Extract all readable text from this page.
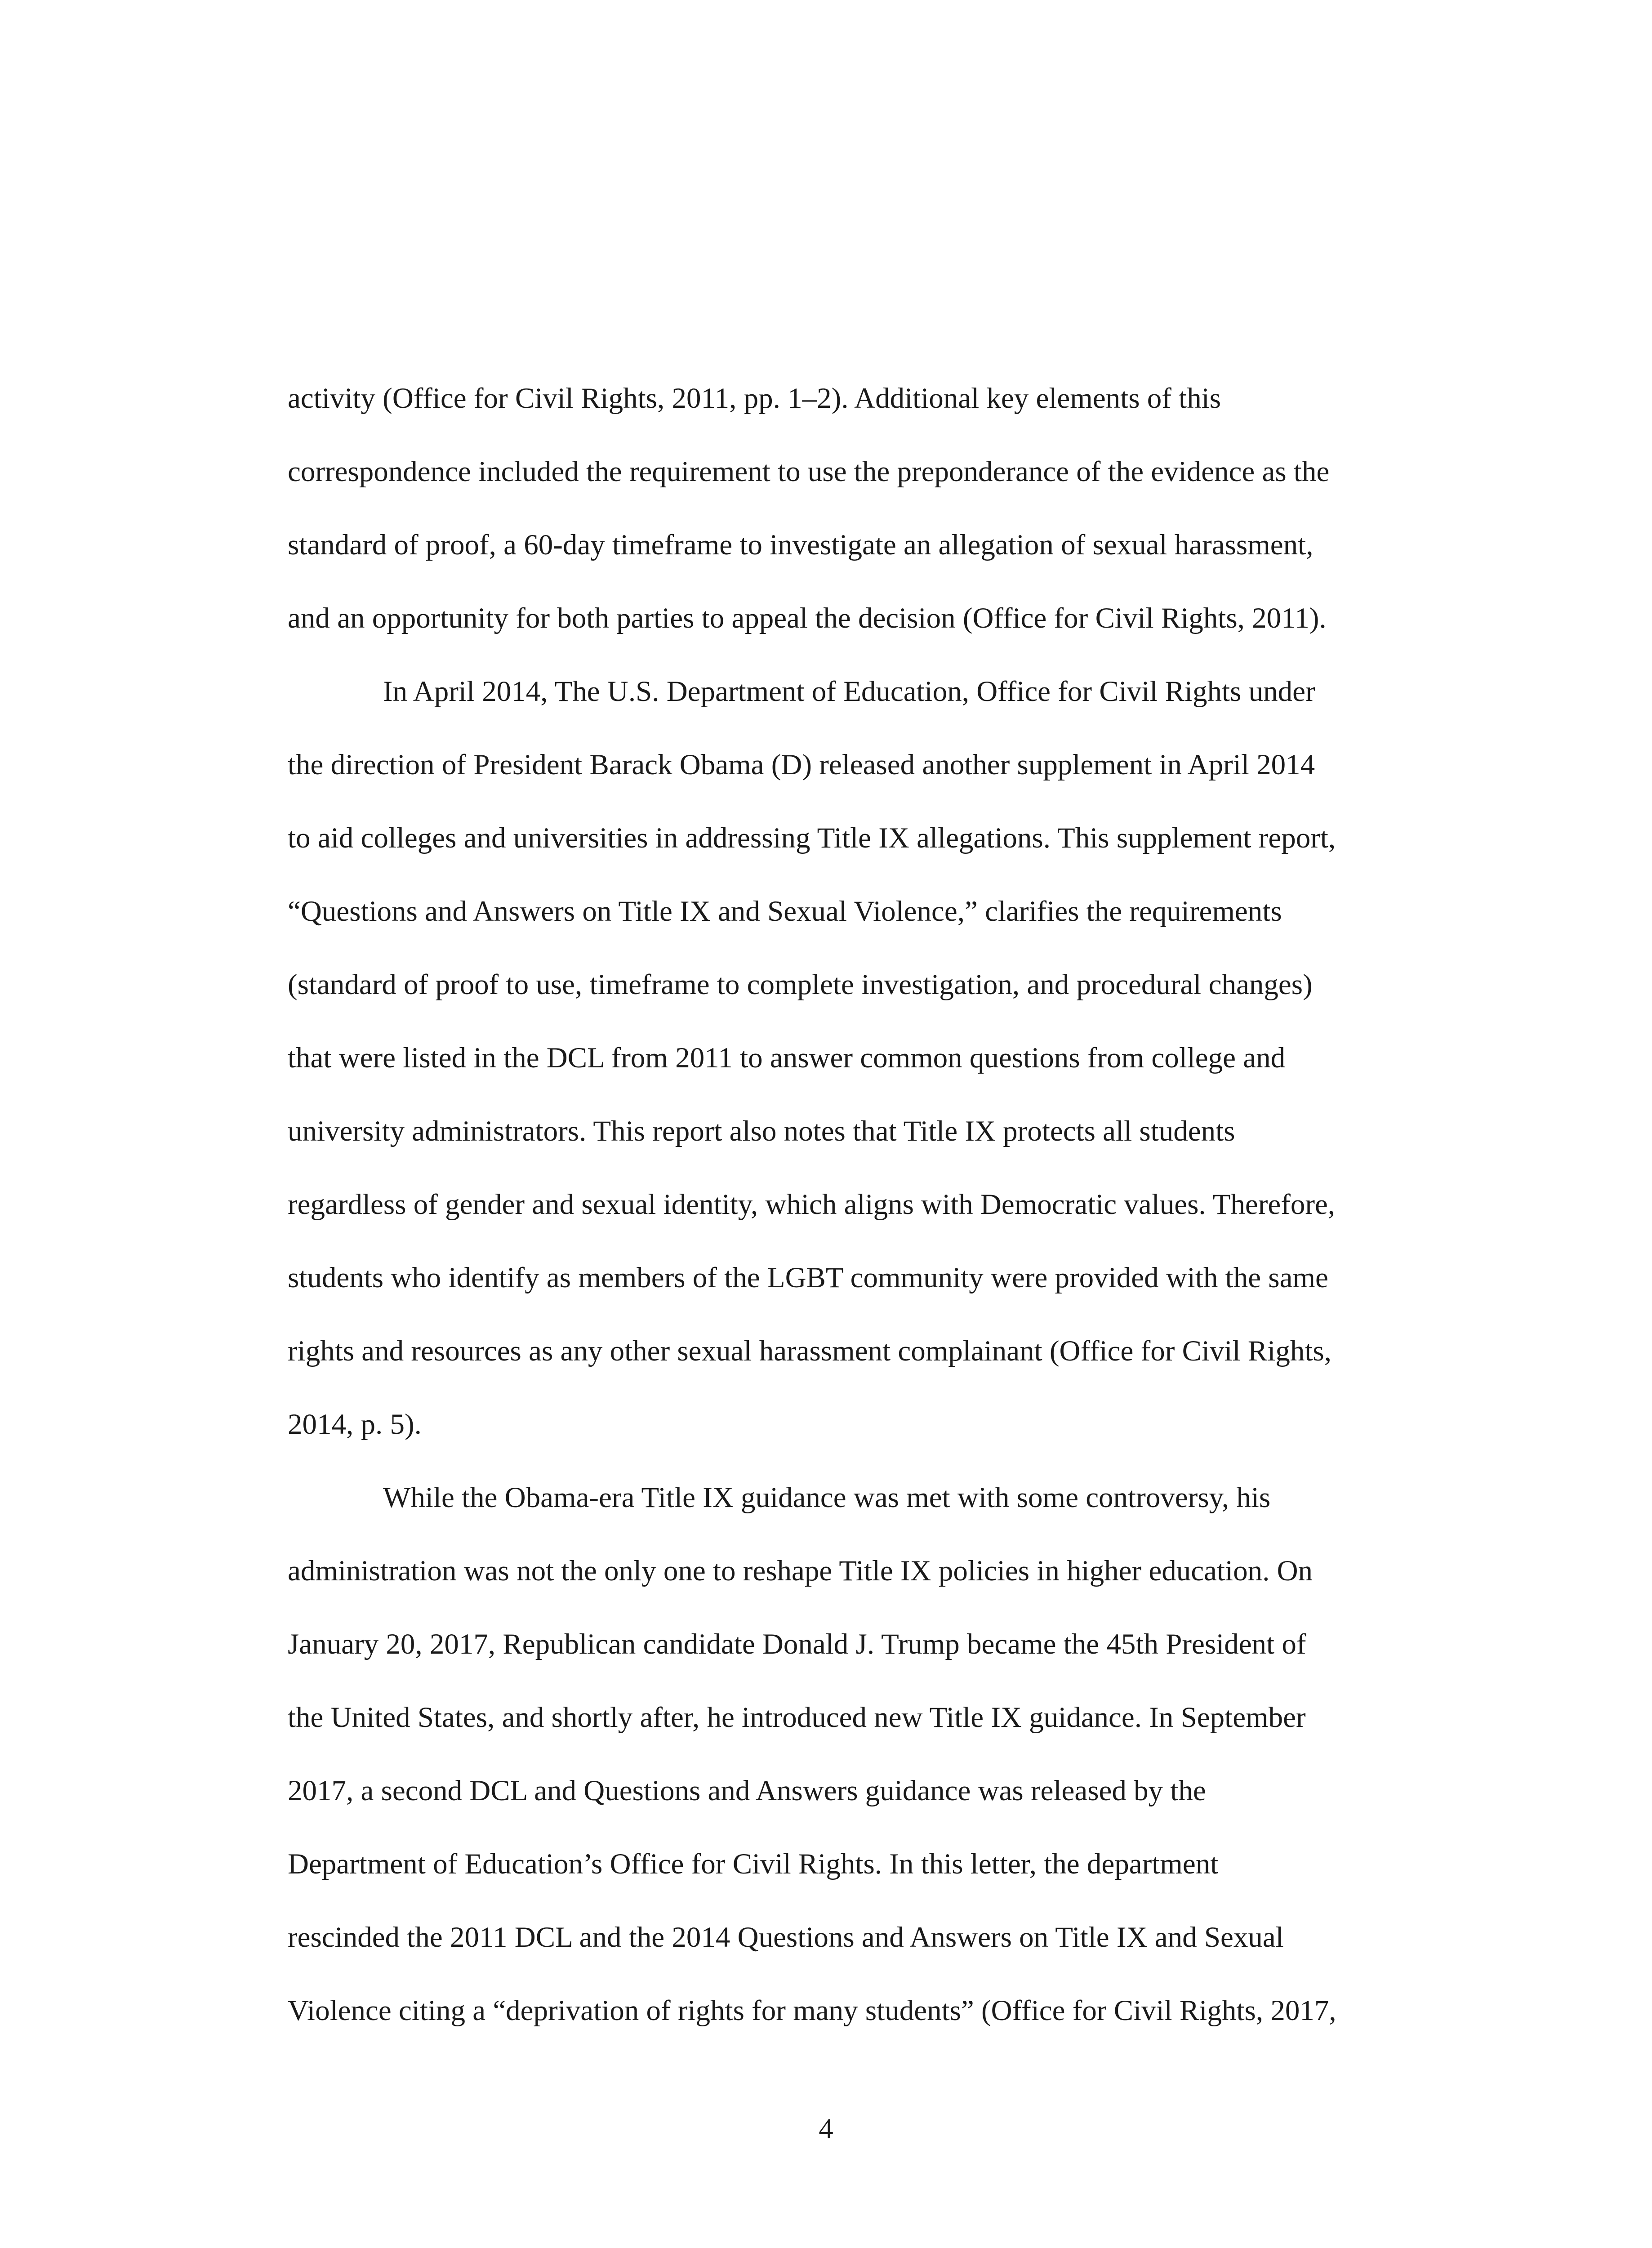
activity (Office for Civil Rights, 2011, pp. 1–2). Additional key elements of this
correspondence included the requirement to use the preponderance of the evidence as the
standard of proof, a 60-day timeframe to investigate an allegation of sexual harassment,
and an opportunity for both parties to appeal the decision (Office for Civil Rights, 2011).
In April 2014, The U.S. Department of Education, Office for Civil Rights under
the direction of President Barack Obama (D) released another supplement in April 2014
to aid colleges and universities in addressing Title IX allegations. This supplement report,
“Questions and Answers on Title IX and Sexual Violence,” clarifies the requirements
(standard of proof to use, timeframe to complete investigation, and procedural changes)
that were listed in the DCL from 2011 to answer common questions from college and
university administrators. This report also notes that Title IX protects all students
regardless of gender and sexual identity, which aligns with Democratic values. Therefore,
students who identify as members of the LGBT community were provided with the same
rights and resources as any other sexual harassment complainant (Office for Civil Rights,
2014, p. 5).
While the Obama-era Title IX guidance was met with some controversy, his
administration was not the only one to reshape Title IX policies in higher education. On
January 20, 2017, Republican candidate Donald J. Trump became the 45th President of
the United States, and shortly after, he introduced new Title IX guidance. In September
2017, a second DCL and Questions and Answers guidance was released by the
Department of Education’s Office for Civil Rights. In this letter, the department
rescinded the 2011 DCL and the 2014 Questions and Answers on Title IX and Sexual
Violence citing a “deprivation of rights for many students” (Office for Civil Rights, 2017,
4
